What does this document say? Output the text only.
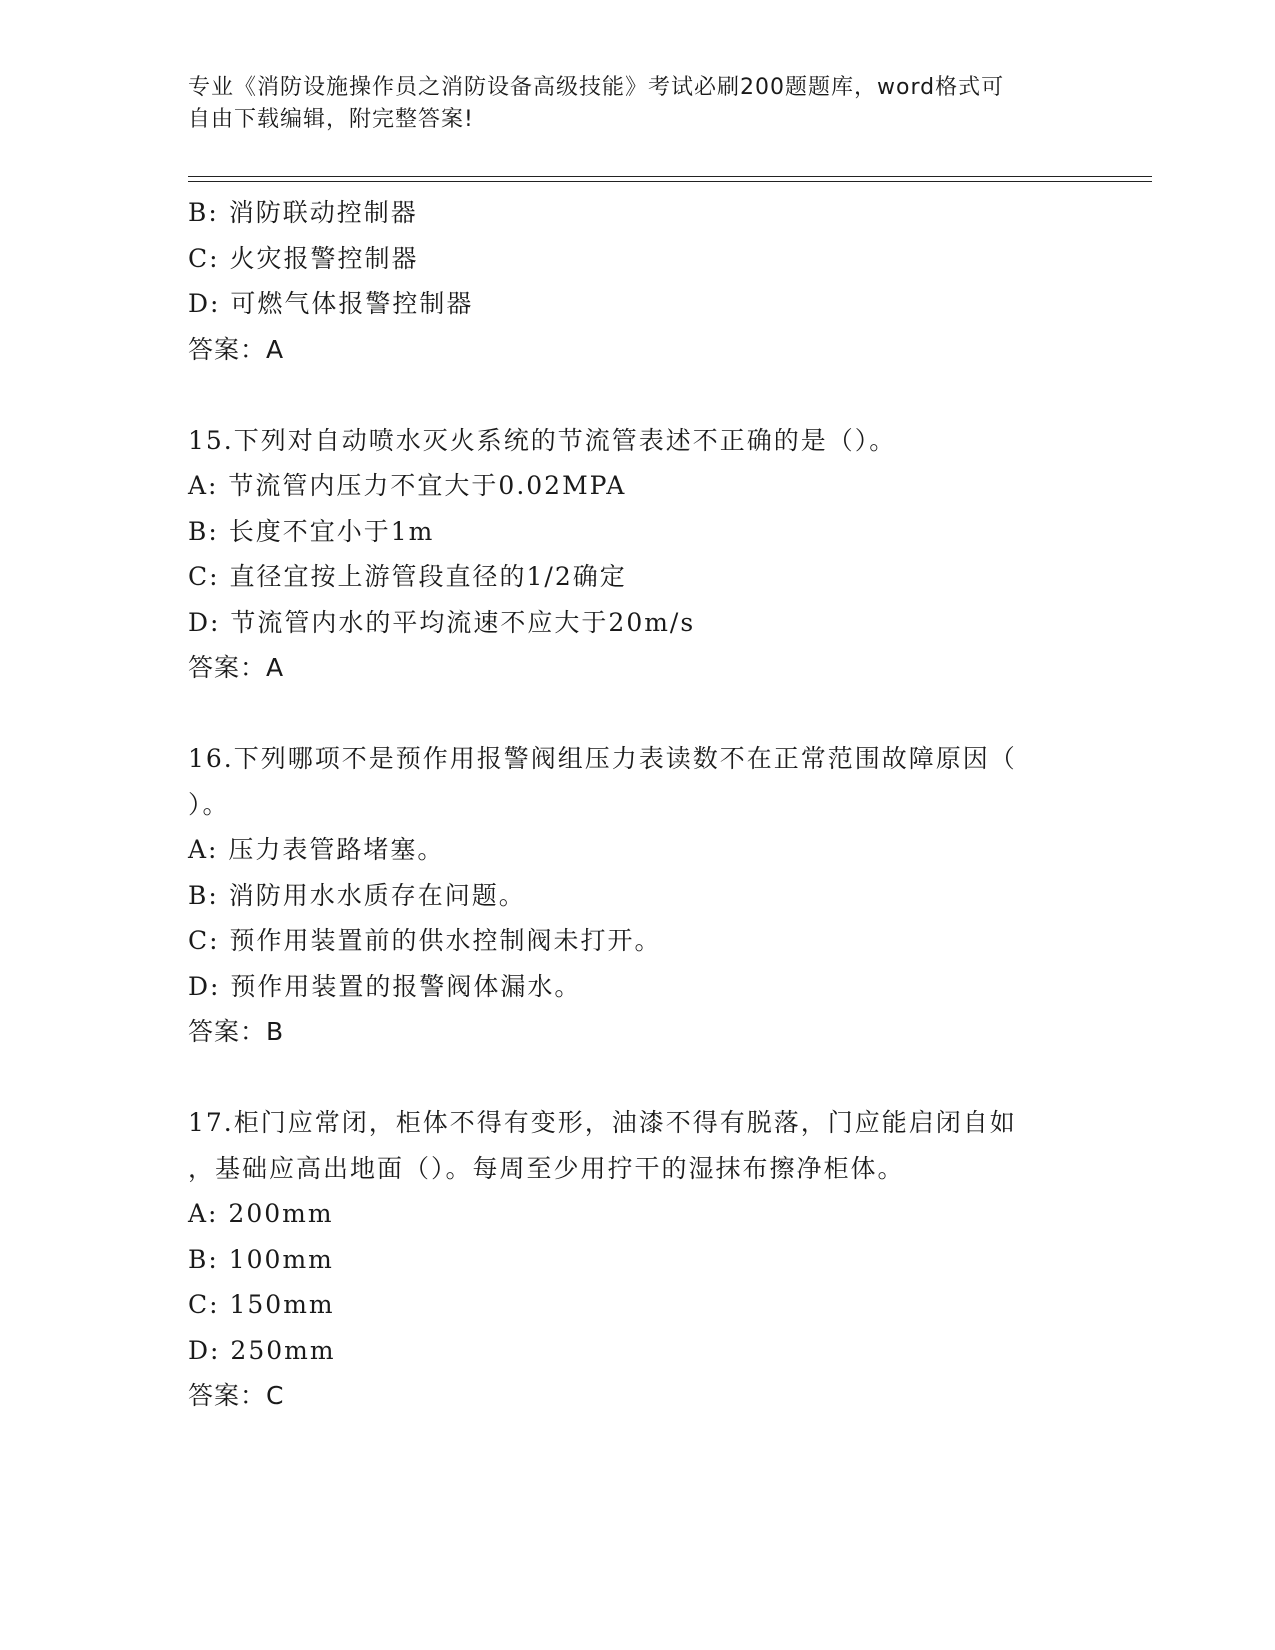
专业《消防设施操作员之消防设备高级技能》考试必刷200题题库，word格式可
自由下载编辑，附完整答案!
B: 消防联动控制器
C: 火灾报警控制器
D: 可燃气体报警控制器
答案：A
15.下列对自动喷水灭火系统的节流管表述不正确的是（）。
A: 节流管内压力不宜大于0.02MPA
B: 长度不宜小于1m
C: 直径宜按上游管段直径的1/2确定
D: 节流管内水的平均流速不应大于20m/s
答案：A
16.下列哪项不是预作用报警阀组压力表读数不在正常范围故障原因（
）。
A: 压力表管路堵塞。
B: 消防用水水质存在问题。
C: 预作用装置前的供水控制阀未打开。
D: 预作用装置的报警阀体漏水。
答案：B
17.柜门应常闭，柜体不得有变形，油漆不得有脱落，门应能启闭自如
，基础应高出地面（）。每周至少用拧干的湿抹布擦净柜体。
A: 200mm
B: 100mm
C: 150mm
D: 250mm
答案：C
